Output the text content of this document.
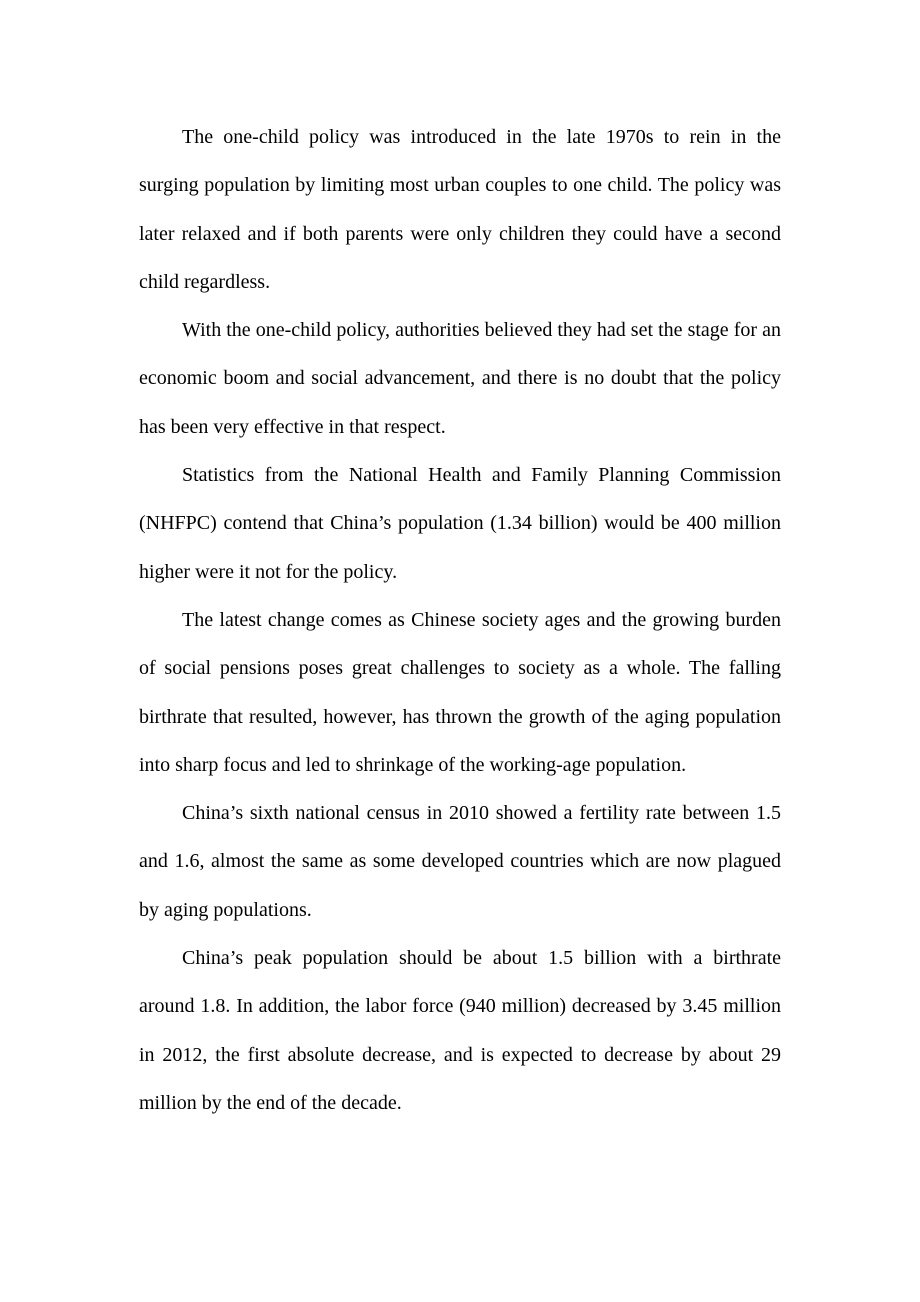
The one-child policy was introduced in the late 1970s to rein in the surging population by limiting most urban couples to one child. The policy was later relaxed and if both parents were only children they could have a second child regardless.

With the one-child policy, authorities believed they had set the stage for an economic boom and social advancement, and there is no doubt that the policy has been very effective in that respect.

Statistics from the National Health and Family Planning Commission (NHFPC) contend that China’s population (1.34 billion) would be 400 million higher were it not for the policy.

The latest change comes as Chinese society ages and the growing burden of social pensions poses great challenges to society as a whole. The falling birthrate that resulted, however, has thrown the growth of the aging population into sharp focus and led to shrinkage of the working-age population.

China’s sixth national census in 2010 showed a fertility rate between 1.5 and 1.6, almost the same as some developed countries which are now plagued by aging populations.

China’s peak population should be about 1.5 billion with a birthrate around 1.8. In addition, the labor force (940 million) decreased by 3.45 million in 2012, the first absolute decrease, and is expected to decrease by about 29 million by the end of the decade.
